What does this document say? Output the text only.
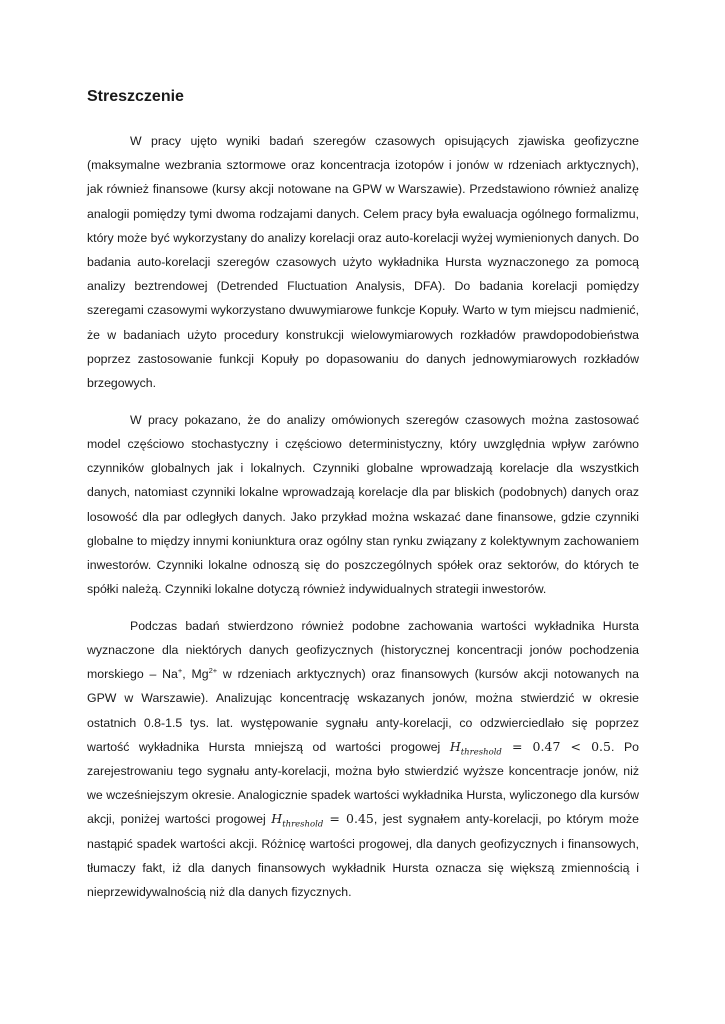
Streszczenie

W pracy ujęto wyniki badań szeregów czasowych opisujących zjawiska geofizyczne (maksymalne wezbrania sztormowe oraz koncentracja izotopów i jonów w rdzeniach arktycznych), jak również finansowe (kursy akcji notowane na GPW w Warszawie). Przedstawiono również analizę analogii pomiędzy tymi dwoma rodzajami danych. Celem pracy była ewaluacja ogólnego formalizmu, który może być wykorzystany do analizy korelacji oraz auto-korelacji wyżej wymienionych danych. Do badania auto-korelacji szeregów czasowych użyto wykładnika Hursta wyznaczonego za pomocą analizy beztrendowej (Detrended Fluctuation Analysis, DFA). Do badania korelacji pomiędzy szeregami czasowymi wykorzystano dwuwymiarowe funkcje Kopuły. Warto w tym miejscu nadmienić, że w badaniach użyto procedury konstrukcji wielowymiarowych rozkładów prawdopodobieństwa poprzez zastosowanie funkcji Kopuły po dopasowaniu do danych jednowymiarowych rozkładów brzegowych.

W pracy pokazano, że do analizy omówionych szeregów czasowych można zastosować model częściowo stochastyczny i częściowo deterministyczny, który uwzględnia wpływ zarówno czynników globalnych jak i lokalnych. Czynniki globalne wprowadzają korelacje dla wszystkich danych, natomiast czynniki lokalne wprowadzają korelacje dla par bliskich (podobnych) danych oraz losowość dla par odległych danych. Jako przykład można wskazać dane finansowe, gdzie czynniki globalne to między innymi koniunktura oraz ogólny stan rynku związany z kolektywnym zachowaniem inwestorów. Czynniki lokalne odnoszą się do poszczególnych spółek oraz sektorów, do których te spółki należą. Czynniki lokalne dotyczą również indywidualnych strategii inwestorów.

Podczas badań stwierdzono również podobne zachowania wartości wykładnika Hursta wyznaczone dla niektórych danych geofizycznych (historycznej koncentracji jonów pochodzenia morskiego – Na+, $Mg^{2+}$ w rdzeniach arktycznych) oraz finansowych (kursów akcji notowanych na GPW w Warszawie). Analizując koncentrację wskazanych jonów, można stwierdzić w okresie ostatnich 0.8-1.5 tys. lat. występowanie sygnału anty-korelacji, co odzwierciedlało się poprzez wartość wykładnika Hursta mniejszą od wartości progowej $H_{threshold} = 0.47 < 0.5$. Po zarejestrowaniu tego sygnału anty-korelacji, można było stwierdzić wyższe koncentracje jonów, niż we wcześniejszym okresie. Analogicznie spadek wartości wykładnika Hursta, wyliczonego dla kursów akcji, poniżej wartości progowej $H_{threshold} = 0.45$, jest sygnałem anty-korelacji, po którym może nastąpić spadek wartości akcji. Różnicę wartości progowej, dla danych geofizycznych i finansowych, tłumaczy fakt, iż dla danych finansowych wykładnik Hursta oznacza się większą zmiennością i nieprzewidywalnością niż dla danych fizycznych.
